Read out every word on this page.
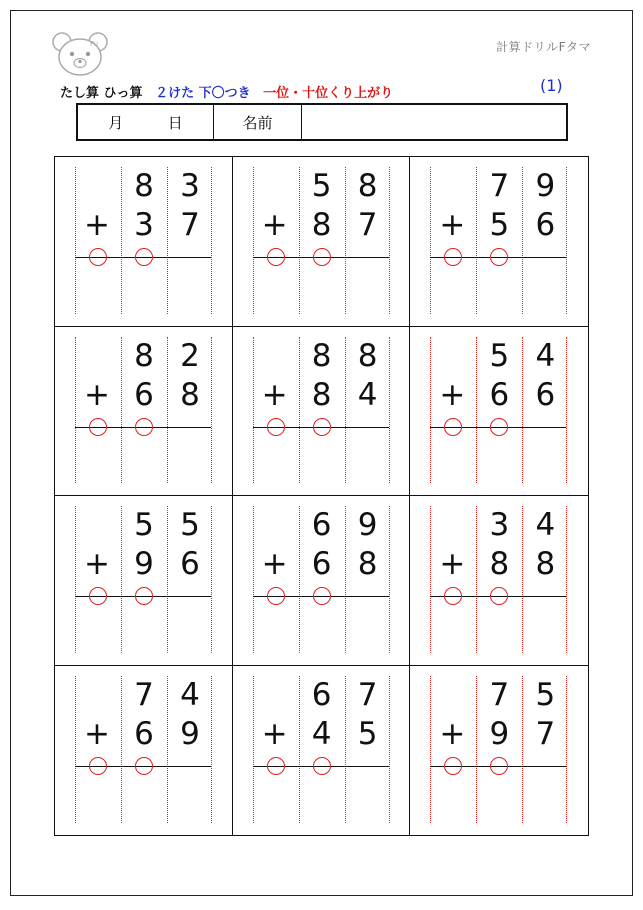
Fu	計算ドリルFタマ
たし算 ひっ算 ２けた 下〇つき 一位・十位くり上がり	(1)
月	日	名前
+
8 3
3 7	+
5 8
8 7	+
7 9
5 6
+
8 2
6 8	+
8 8
8 4	+
5 4
6 6
+
5 5
9 6	+
6 9
6 8	+
3 4
8 8
+
7 4
6 9	+
6 7
4 5	+
7 5
9 7
